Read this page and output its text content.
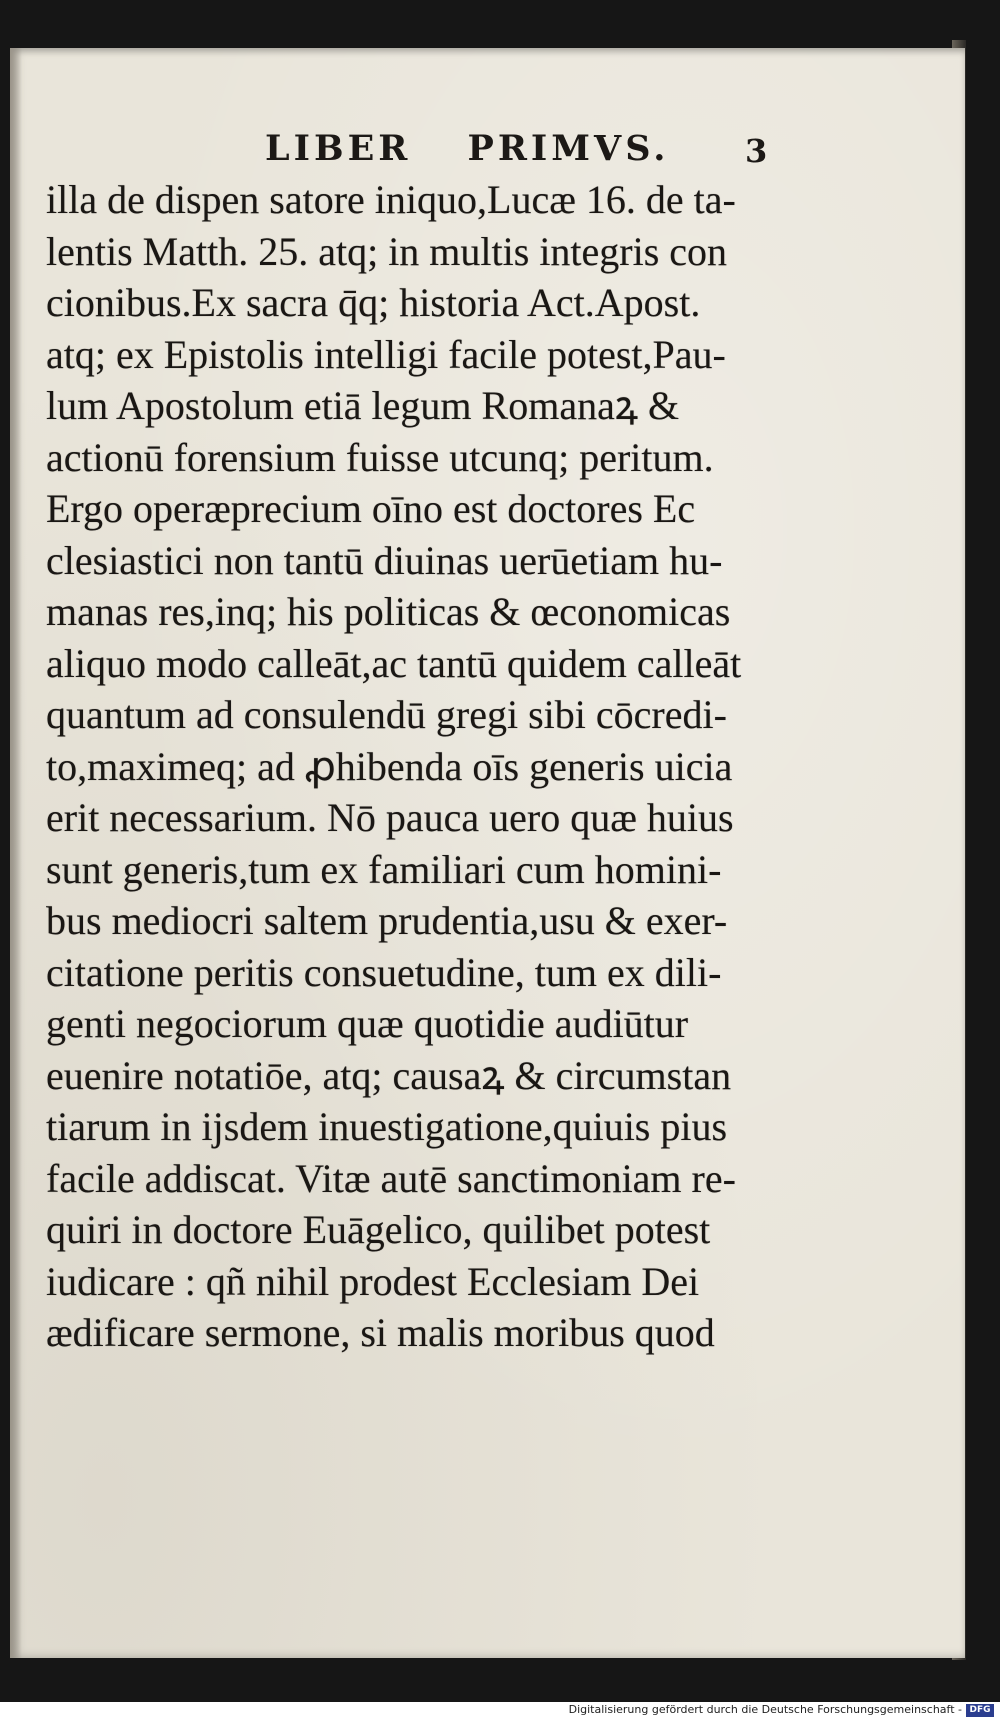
LIBER PRIMVS. 3
illa de dispen satore iniquo,Lucæ 16. de ta-
lentis Matth. 25. atq; in multis integris con
cionibus.Ex sacra q̄q; historia Act.Apost.
atq; ex Epistolis intelligi facile potest,Pau-
lum Apostolum etiā legum Romanaꝝ &
actionū forensium fuisse utcunq; peritum.
Ergo operæprecium oīno est doctores Ec
clesiastici non tantū diuinas uerūetiam hu-
manas res,inq; his politicas & œconomicas
aliquo modo calleāt,ac tantū quidem calleāt
quantum ad consulendū gregi sibi cōcredi-
to,maximeq; ad ꝓhibenda oīs generis uicia
erit necessarium. Nō pauca uero quæ huius
sunt generis,tum ex familiari cum homini-
bus mediocri saltem prudentia,usu & exer-
citatione peritis consuetudine, tum ex dili-
genti negociorum quæ quotidie audiūtur
euenire notatiōe, atq; causaꝝ & circumstan
tiarum in ijsdem inuestigatione,quiuis pius
facile addiscat. Vitæ autē sanctimoniam re-
quiri in doctore Euāgelico, quilibet potest
iudicare : qñ nihil prodest Ecclesiam Dei
ædificare sermone, si malis moribus quod
Digitalisierung gefördert durch die Deutsche Forschungsgemeinschaft - DFG
